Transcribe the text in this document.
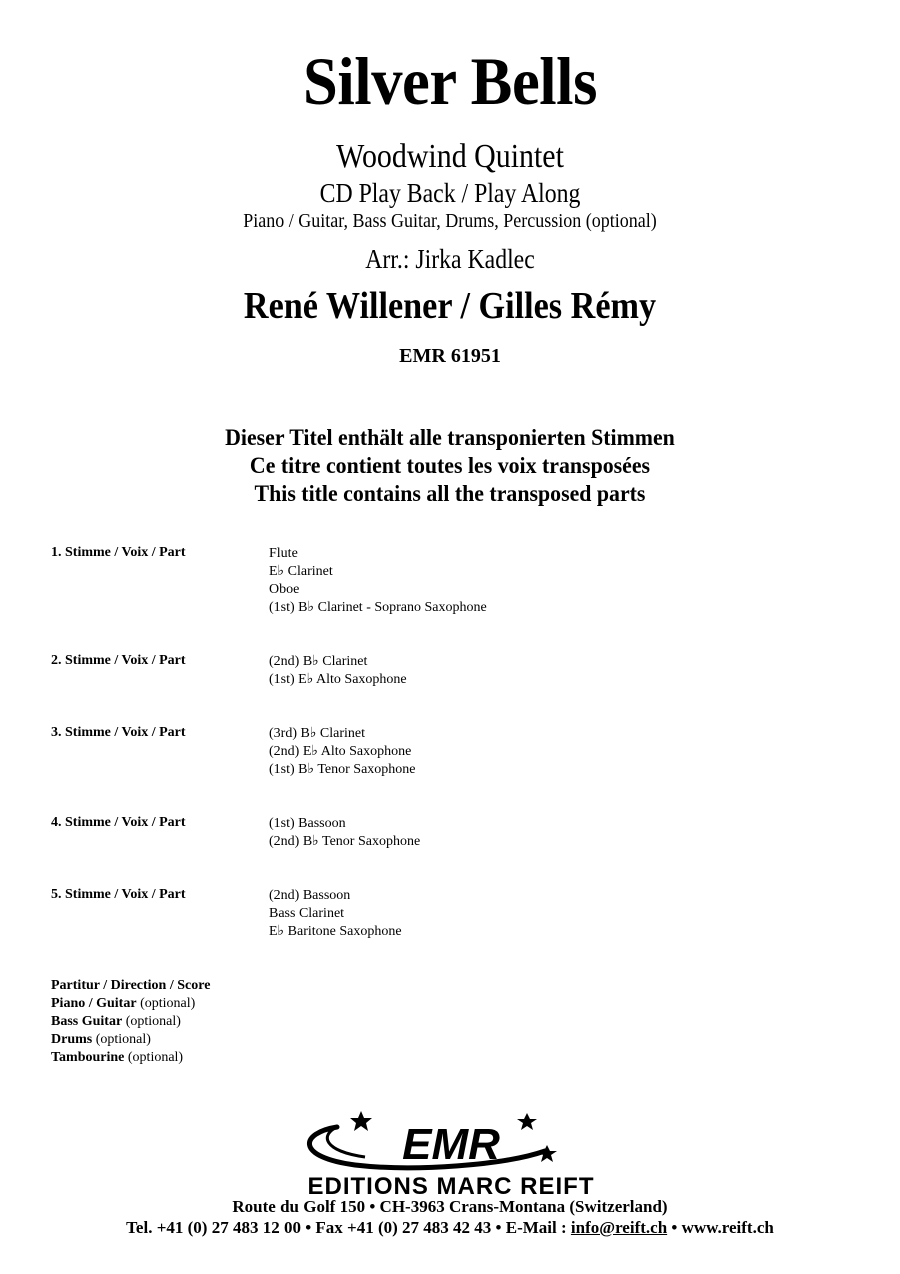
Silver Bells
Woodwind Quintet
CD Play Back / Play Along
Piano / Guitar, Bass Guitar, Drums, Percussion (optional)
Arr.: Jirka Kadlec
René Willener / Gilles Rémy
EMR 61951
Dieser Titel enthält alle transponierten Stimmen
Ce titre contient toutes les voix transposées
This title contains all the transposed parts
1. Stimme / Voix / Part	Flute
E♭ Clarinet
Oboe
(1st) B♭ Clarinet - Soprano Saxophone
2. Stimme / Voix / Part	(2nd) B♭ Clarinet
(1st) E♭ Alto Saxophone
3. Stimme / Voix / Part	(3rd) B♭ Clarinet
(2nd) E♭ Alto Saxophone
(1st) B♭ Tenor Saxophone
4. Stimme / Voix / Part	(1st) Bassoon
(2nd) B♭ Tenor Saxophone
5. Stimme / Voix / Part	(2nd) Bassoon
Bass Clarinet
E♭ Baritone Saxophone
Partitur / Direction / Score
Piano / Guitar (optional)
Bass Guitar (optional)
Drums (optional)
Tambourine (optional)
EMR
EDITIONS MARC REIFT
Route du Golf 150 • CH-3963 Crans-Montana (Switzerland)
Tel. +41 (0) 27 483 12 00 • Fax +41 (0) 27 483 42 43 • E-Mail : info@reift.ch • www.reift.ch
